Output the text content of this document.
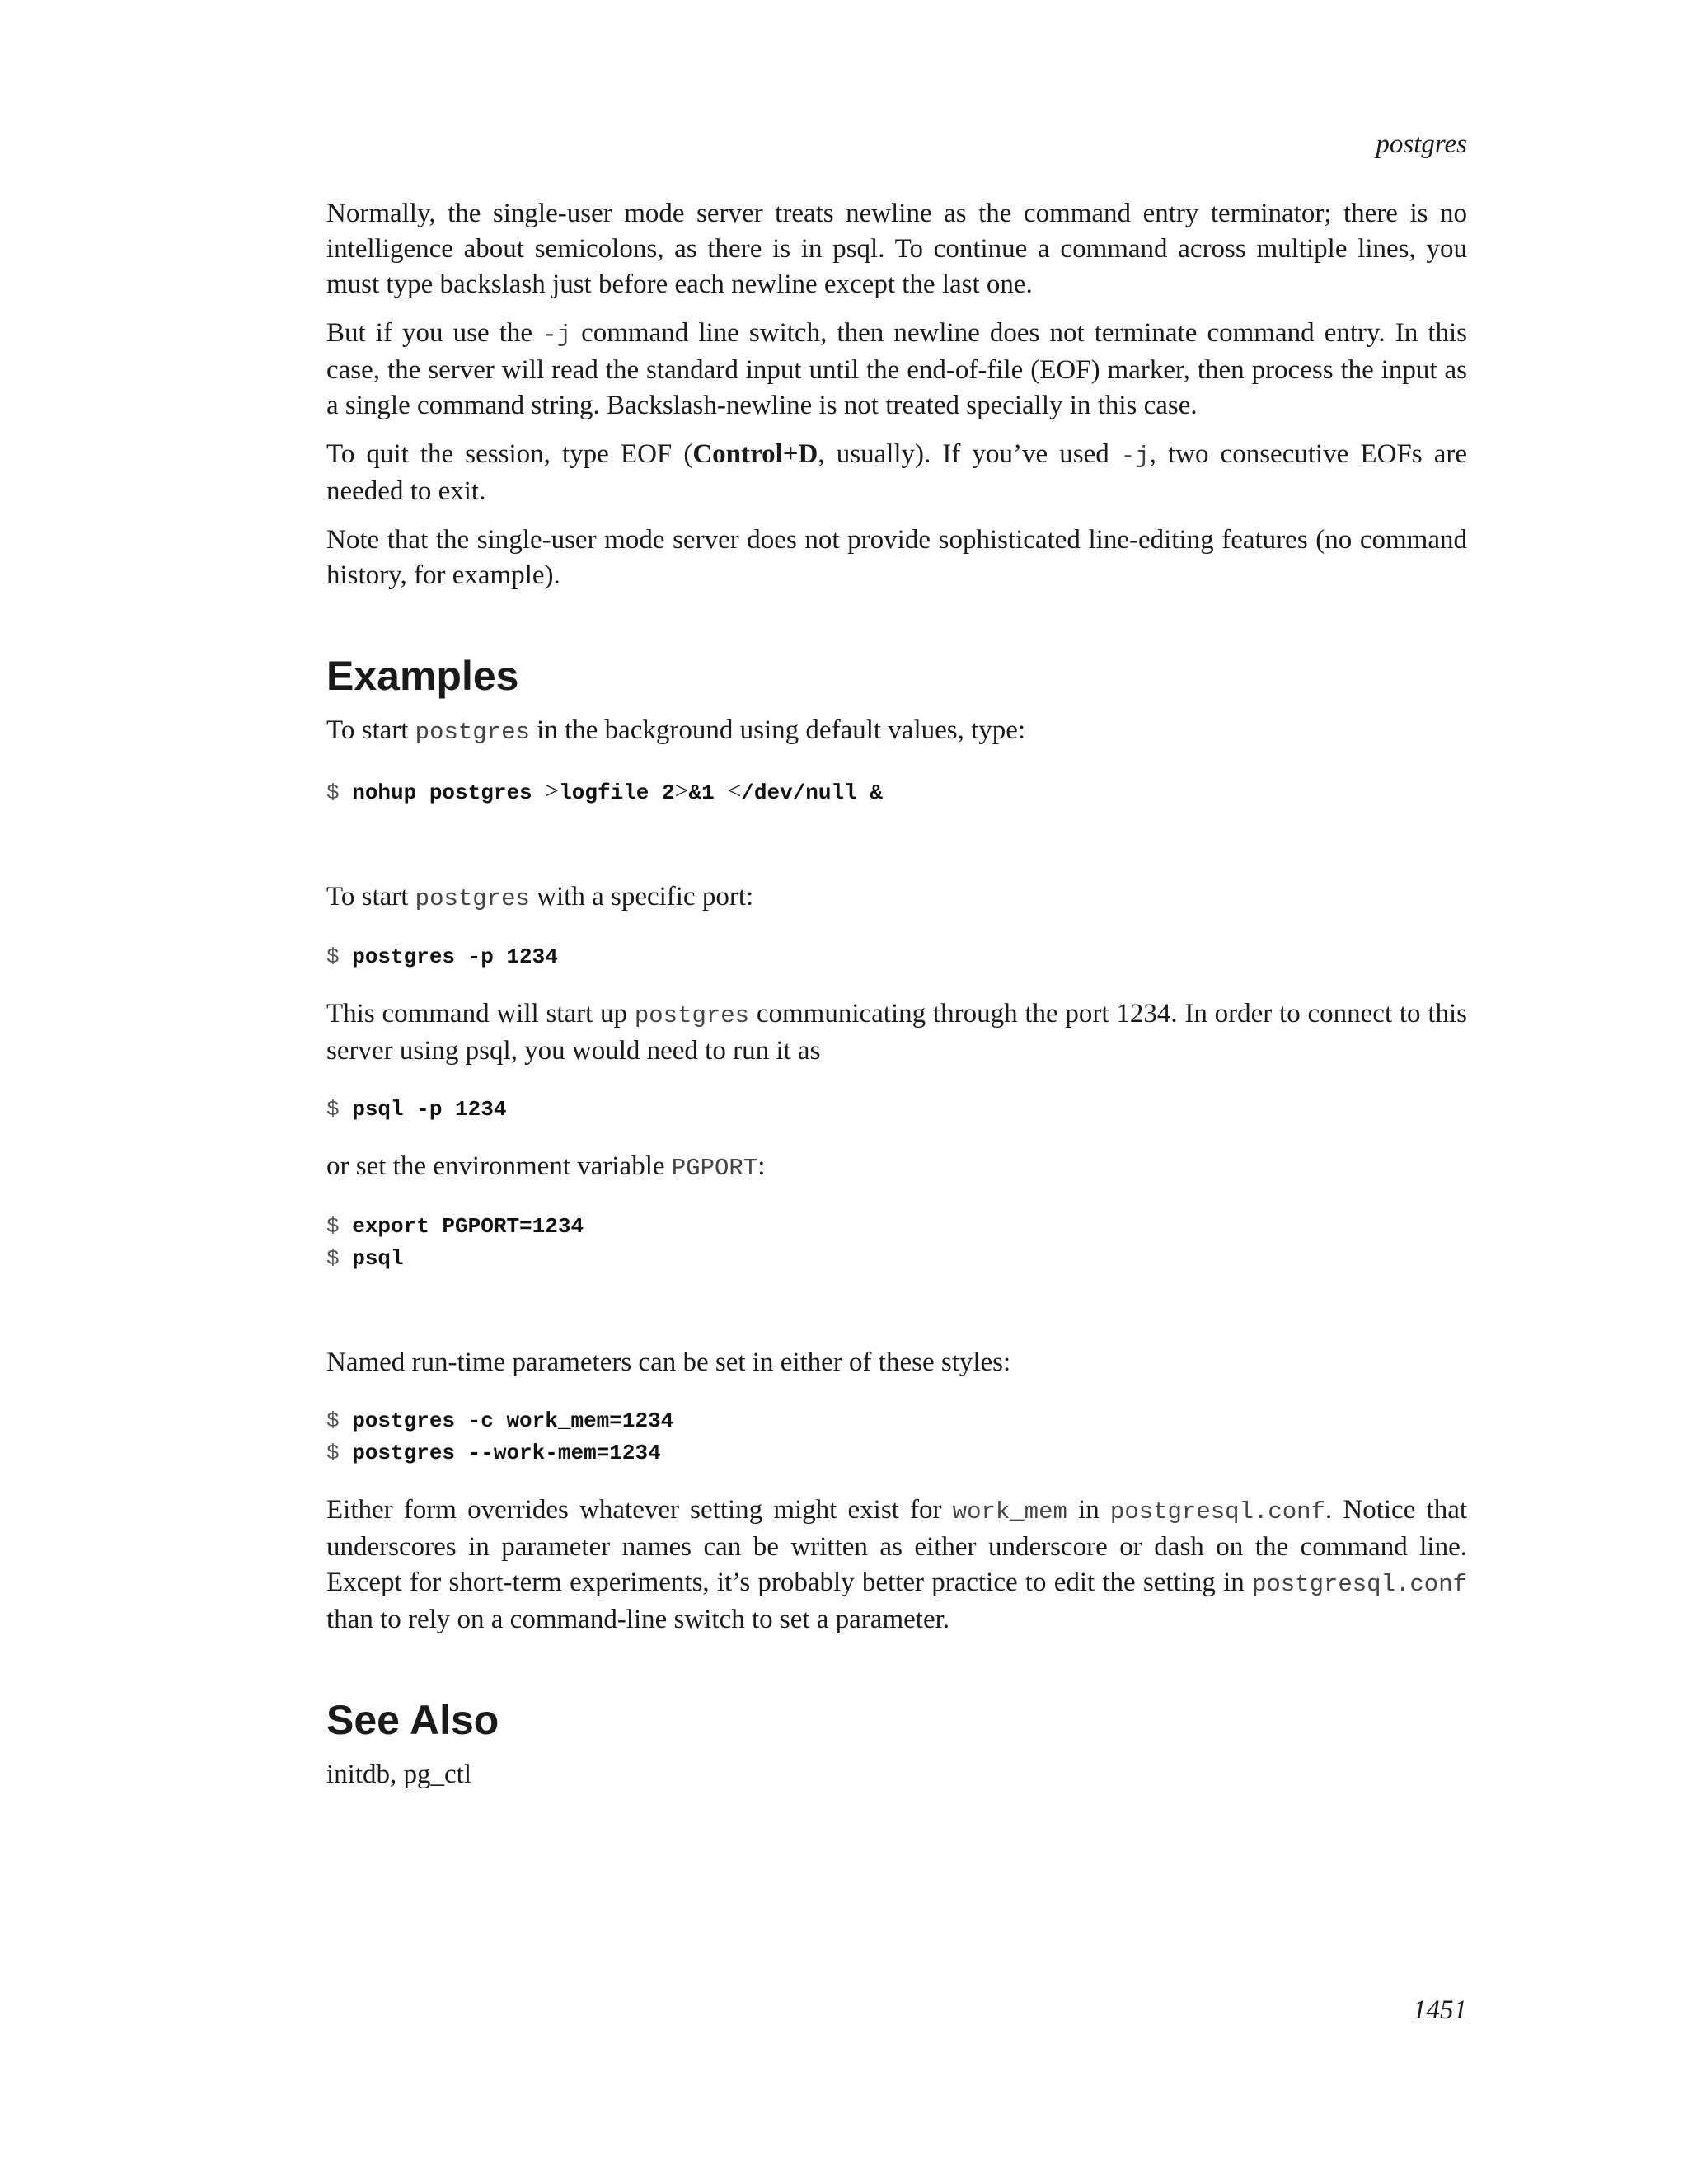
postgres

Normally, the single-user mode server treats newline as the command entry terminator; there is no intelligence about semicolons, as there is in psql. To continue a command across multiple lines, you must type backslash just before each newline except the last one.

But if you use the -j command line switch, then newline does not terminate command entry. In this case, the server will read the standard input until the end-of-file (EOF) marker, then process the input as a single command string. Backslash-newline is not treated specially in this case.

To quit the session, type EOF (Control+D, usually). If you’ve used -j, two consecutive EOFs are needed to exit.

Note that the single-user mode server does not provide sophisticated line-editing features (no command history, for example).

Examples

To start postgres in the background using default values, type:

$ nohup postgres >logfile 2>&1 </dev/null &

To start postgres with a specific port:

$ postgres -p 1234

This command will start up postgres communicating through the port 1234. In order to connect to this server using psql, you would need to run it as

$ psql -p 1234

or set the environment variable PGPORT:

$ export PGPORT=1234
$ psql

Named run-time parameters can be set in either of these styles:

$ postgres -c work_mem=1234
$ postgres --work-mem=1234

Either form overrides whatever setting might exist for work_mem in postgresql.conf. Notice that underscores in parameter names can be written as either underscore or dash on the command line. Except for short-term experiments, it’s probably better practice to edit the setting in postgresql.conf than to rely on a command-line switch to set a parameter.

See Also

initdb, pg_ctl

1451
